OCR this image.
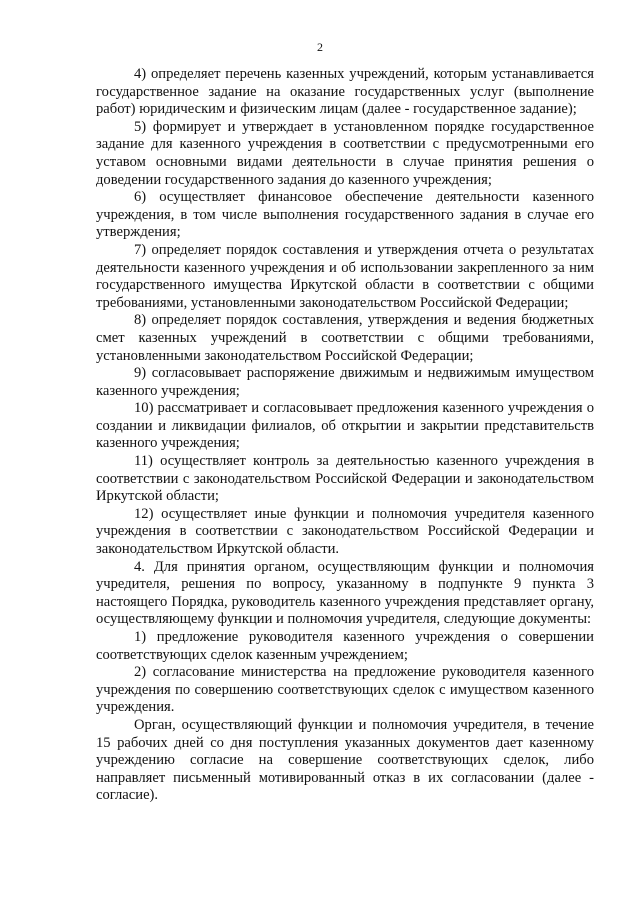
2

4) определяет перечень казенных учреждений, которым устанавливается государственное задание на оказание государственных услуг (выполнение работ) юридическим и физическим лицам (далее - государственное задание);

5) формирует и утверждает в установленном порядке государственное задание для казенного учреждения в соответствии с предусмотренными его уставом основными видами деятельности в случае принятия решения о доведении государственного задания до казенного учреждения;

6) осуществляет финансовое обеспечение деятельности казенного учреждения, в том числе выполнения государственного задания в случае его утверждения;

7) определяет порядок составления и утверждения отчета о результатах деятельности казенного учреждения и об использовании закрепленного за ним государственного имущества Иркутской области в соответствии с общими требованиями, установленными законодательством Российской Федерации;

8) определяет порядок составления, утверждения и ведения бюджетных смет казенных учреждений в соответствии с общими требованиями, установленными законодательством Российской Федерации;

9) согласовывает распоряжение движимым и недвижимым имуществом казенного учреждения;

10) рассматривает и согласовывает предложения казенного учреждения о создании и ликвидации филиалов, об открытии и закрытии представительств казенного учреждения;

11) осуществляет контроль за деятельностью казенного учреждения в соответствии с законодательством Российской Федерации и законодательством Иркутской области;

12) осуществляет иные функции и полномочия учредителя казенного учреждения в соответствии с законодательством Российской Федерации и законодательством Иркутской области.

4. Для принятия органом, осуществляющим функции и полномочия учредителя, решения по вопросу, указанному в подпункте 9 пункта 3 настоящего Порядка, руководитель казенного учреждения представляет органу, осуществляющему функции и полномочия учредителя, следующие документы:

1) предложение руководителя казенного учреждения о совершении соответствующих сделок казенным учреждением;

2) согласование министерства на предложение руководителя казенного учреждения по совершению соответствующих сделок с имуществом казенного учреждения.

Орган, осуществляющий функции и полномочия учредителя, в течение 15 рабочих дней со дня поступления указанных документов дает казенному учреждению согласие на совершение соответствующих сделок, либо направляет письменный мотивированный отказ в их согласовании (далее - согласие).
